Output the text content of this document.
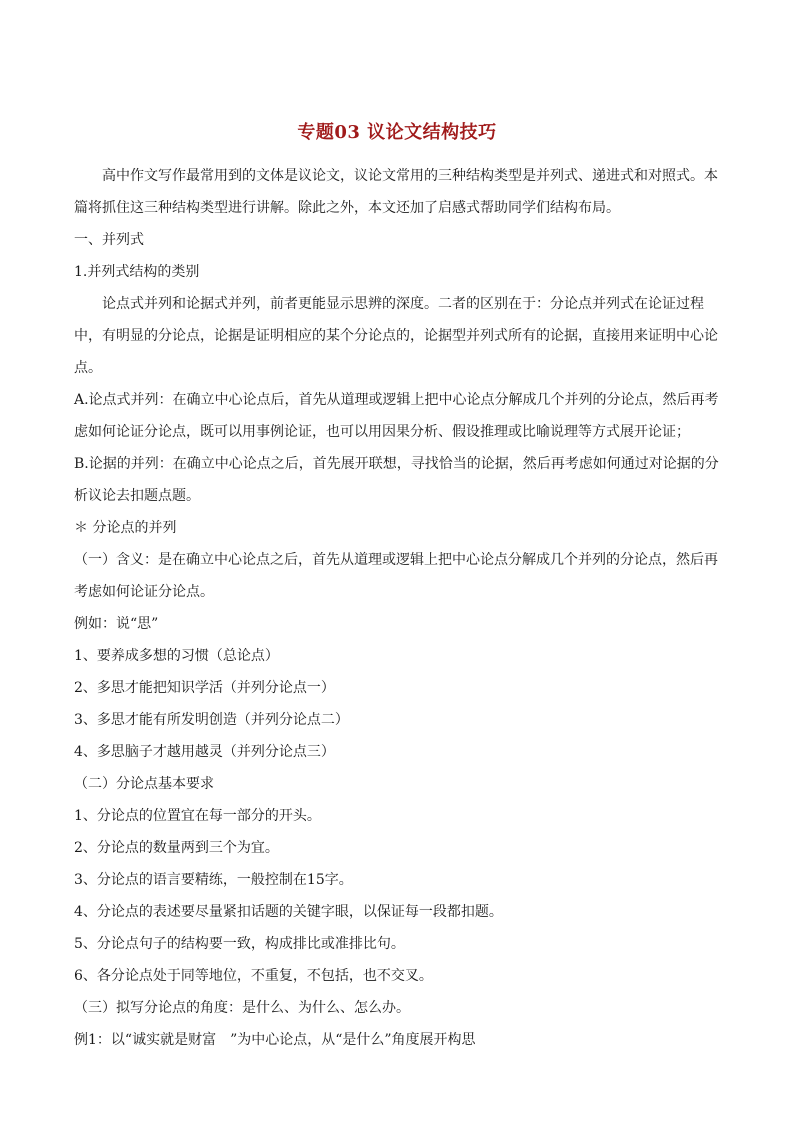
专题03 议论文结构技巧

高中作文写作最常用到的文体是议论文，议论文常用的三种结构类型是并列式、递进式和对照式。本篇将抓住这三种结构类型进行讲解。除此之外，本文还加了启感式帮助同学们结构布局。

一、并列式

1.并列式结构的类别

论点式并列和论据式并列，前者更能显示思辨的深度。二者的区别在于：分论点并列式在论证过程中，有明显的分论点，论据是证明相应的某个分论点的，论据型并列式所有的论据，直接用来证明中心论点。

A.论点式并列：在确立中心论点后，首先从道理或逻辑上把中心论点分解成几个并列的分论点，然后再考虑如何论证分论点，既可以用事例论证，也可以用因果分析、假设推理或比喻说理等方式展开论证；

B.论据的并列：在确立中心论点之后，首先展开联想，寻找恰当的论据，然后再考虑如何通过对论据的分析议论去扣题点题。

＊ 分论点的并列

（一）含义：是在确立中心论点之后，首先从道理或逻辑上把中心论点分解成几个并列的分论点，然后再考虑如何论证分论点。

例如：说“思”

1、要养成多想的习惯（总论点）

2、多思才能把知识学活（并列分论点一）

3、多思才能有所发明创造（并列分论点二）

4、多思脑子才越用越灵（并列分论点三）

（二）分论点基本要求

1、分论点的位置宜在每一部分的开头。

2、分论点的数量两到三个为宜。

3、分论点的语言要精练，一般控制在15字。

4、分论点的表述要尽量紧扣话题的关键字眼，以保证每一段都扣题。

5、分论点句子的结构要一致，构成排比或准排比句。

6、各分论点处于同等地位，不重复，不包括，也不交叉。

（三）拟写分论点的角度：是什么、为什么、怎么办。

例1：以“诚实就是财富　”为中心论点，从“是什么”角度展开构思
